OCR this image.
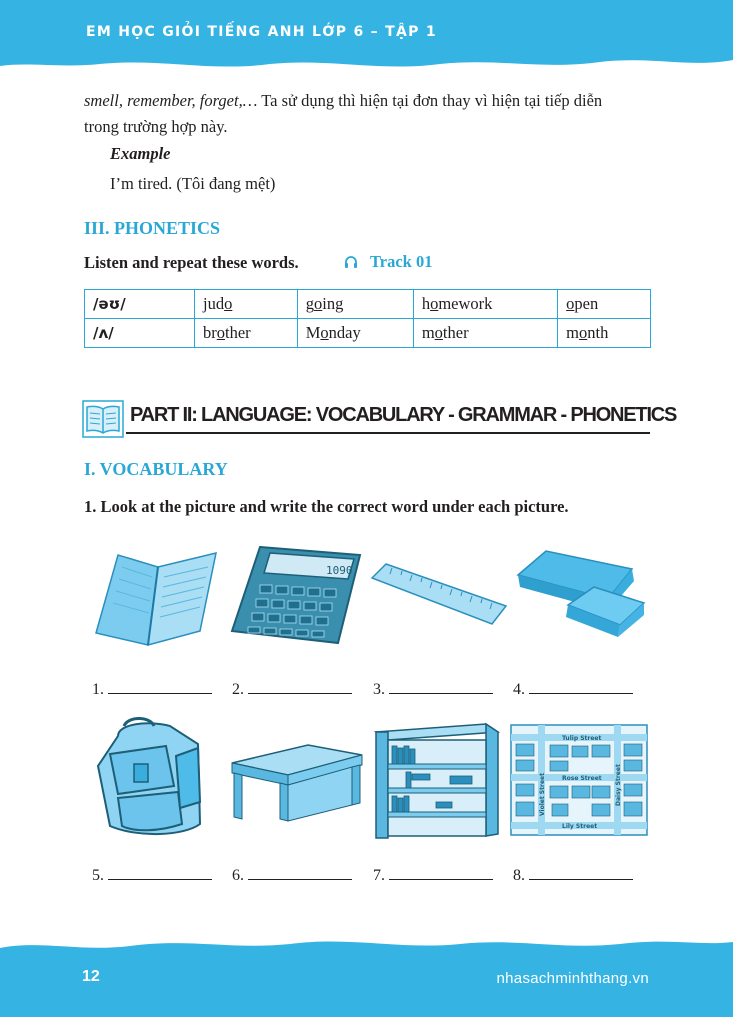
EM HỌC GIỎI TIẾNG ANH LỚP 6 – TẬP 1
smell, remember, forget,… Ta sử dụng thì hiện tại đơn thay vì hiện tại tiếp diễn
trong trường hợp này.
Example
I’m tired. (Tôi đang mệt)
III. PHONETICS
Listen and repeat these words.	Track 01
/əʊ/	judo	going	homework	open
/ʌ/	brother	Monday	mother	month
PART II: LANGUAGE: VOCABULARY - GRAMMAR - PHONETICS
I. VOCABULARY
1. Look at the picture and write the correct word under each picture.
1090
Tulip Street
Rose Street
Lily Street
Violet Street	Daisy Street
1.	2.	3.	4.
5.	6.	7.	8.
12	nhasachminhthang.vn
